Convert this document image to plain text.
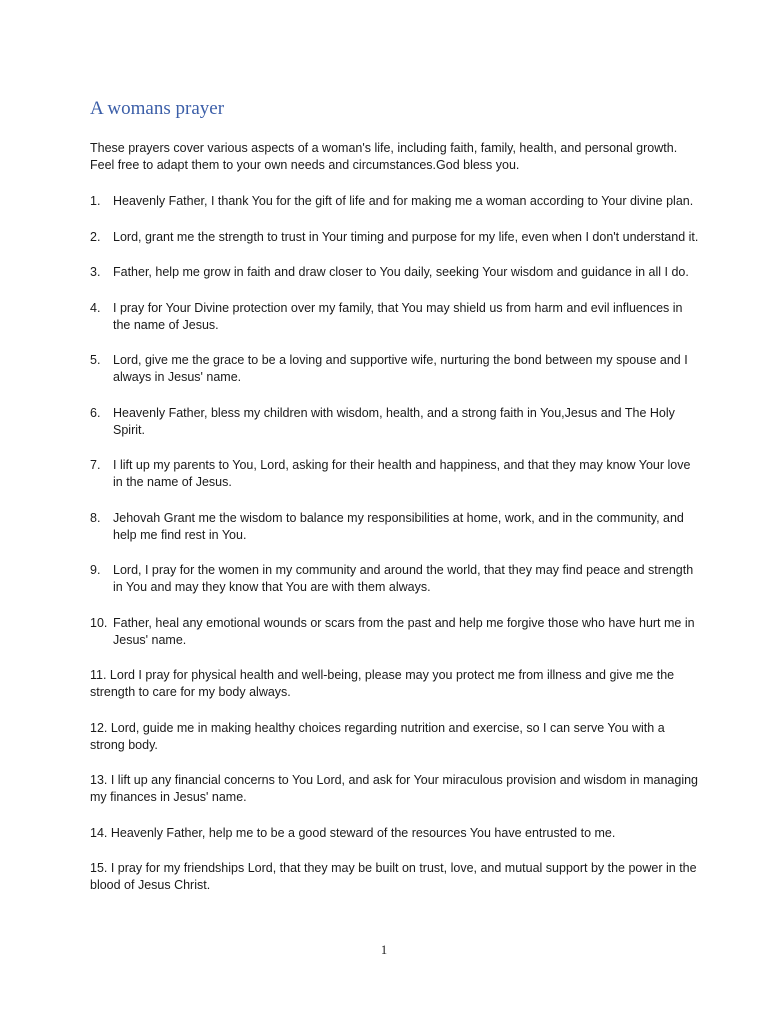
A womans prayer

These prayers cover various aspects of a woman's life, including faith, family, health, and personal growth. Feel free to adapt them to your own needs and circumstances.God bless you.

1. Heavenly Father, I thank You for the gift of life and for making me a woman according to Your divine plan.
2. Lord, grant me the strength to trust in Your timing and purpose for my life, even when I don't understand it.
3. Father, help me grow in faith and draw closer to You daily, seeking Your wisdom and guidance in all I do.
4. I pray for Your Divine protection over my family, that You may shield us from harm and evil influences in the name of Jesus.
5. Lord, give me the grace to be a loving and supportive wife, nurturing the bond between my spouse and I always in Jesus' name.
6. Heavenly Father, bless my children with wisdom, health, and a strong faith in You,Jesus and The Holy Spirit.
7. I lift up my parents to You, Lord, asking for their health and happiness, and that they may know Your love in the name of Jesus.
8. Jehovah Grant me the wisdom to balance my responsibilities at home, work, and in the community, and help me find rest in You.
9. Lord, I pray for the women in my community and around the world, that they may find peace and strength in You and may they know that You are with them always.
10. Father, heal any emotional wounds or scars from the past and help me forgive those who have hurt me in Jesus' name.
11. Lord I pray for physical health and well-being, please may you protect me from illness and give me the strength to care for my body always.
12. Lord, guide me in making healthy choices regarding nutrition and exercise, so I can serve You with a strong body.
13. I lift up any financial concerns to You Lord, and ask for Your miraculous provision and wisdom in managing my finances in Jesus' name.
14. Heavenly Father, help me to be a good steward of the resources You have entrusted to me.
15. I pray for my friendships Lord, that they may be built on trust, love, and mutual support by the power in the blood of Jesus Christ.
1
